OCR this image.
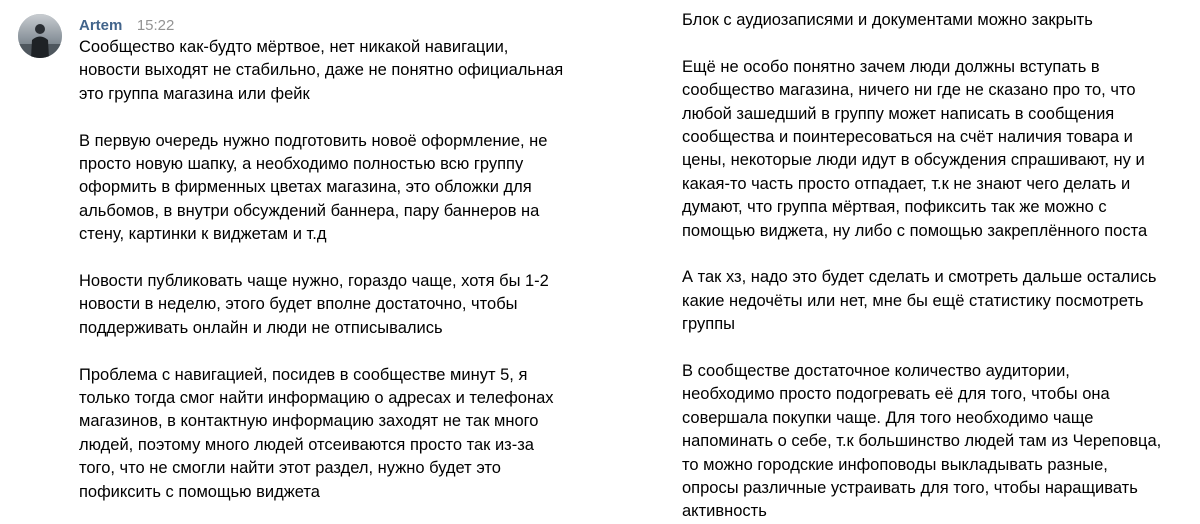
Artem 15:22

Сообщество как-будто мёртвое, нет никакой навигации,
новости выходят не стабильно, даже не понятно официальная
это группа магазина или фейк

В первую очередь нужно подготовить новоё оформление, не
просто новую шапку, а необходимо полностью всю группу
оформить в фирменных цветах магазина, это обложки для
альбомов, в внутри обсуждений баннера, пару баннеров на
стену, картинки к виджетам и т.д

Новости публиковать чаще нужно, гораздо чаще, хотя бы 1-2
новости в неделю, этого будет вполне достаточно, чтобы
поддерживать онлайн и люди не отписывались

Проблема с навигацией, посидев в сообществе минут 5, я
только тогда смог найти информацию о адресах и телефонах
магазинов, в контактную информацию заходят не так много
людей, поэтому много людей отсеиваются просто так из-за
того, что не смогли найти этот раздел, нужно будет это
пофиксить с помощью виджета

Блок с аудиозаписями и документами можно закрыть

Ещё не особо понятно зачем люди должны вступать в
сообщество магазина, ничего ни где не сказано про то, что
любой зашедший в группу может написать в сообщения
сообщества и поинтересоваться на счёт наличия товара и
цены, некоторые люди идут в обсуждения спрашивают, ну и
какая-то часть просто отпадает, т.к не знают чего делать и
думают, что группа мёртвая, пофиксить так же можно с
помощью виджета, ну либо с помощью закреплённого поста

А так хз, надо это будет сделать и смотреть дальше остались
какие недочёты или нет, мне бы ещё статистику посмотреть
группы

В сообществе достаточное количество аудитории,
необходимо просто подогревать её для того, чтобы она
совершала покупки чаще. Для того необходимо чаще
напоминать о себе, т.к большинство людей там из Череповца,
то можно городские инфоповоды выкладывать разные,
опросы различные устраивать для того, чтобы наращивать
активность
